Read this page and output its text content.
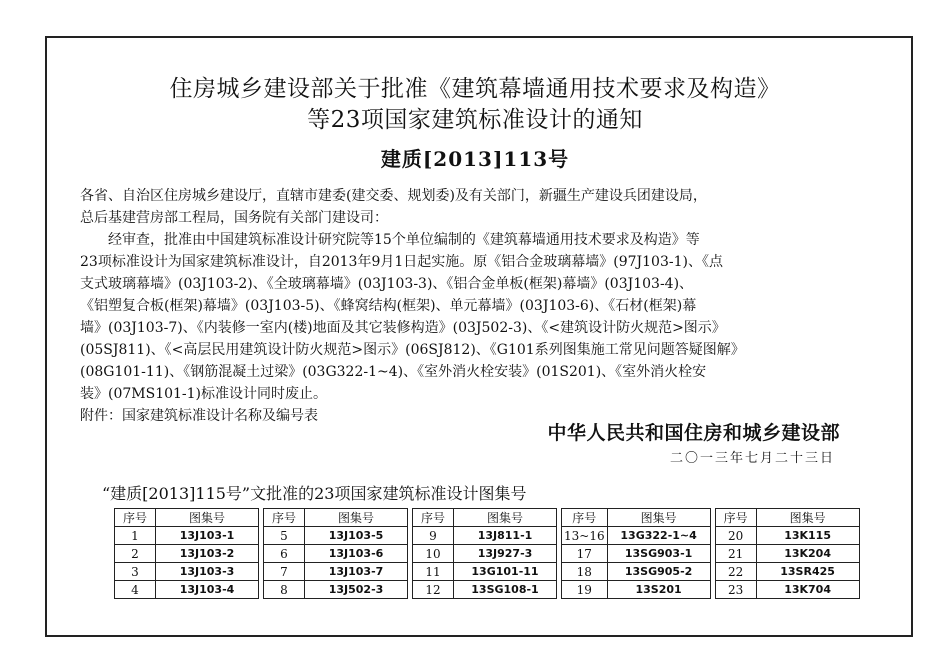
住房城乡建设部关于批准《建筑幕墙通用技术要求及构造》
等23项国家建筑标准设计的通知
建质[2013]113号

各省、自治区住房城乡建设厅，直辖市建委(建交委、规划委)及有关部门，新疆生产建设兵团建设局，

总后基建营房部工程局，国务院有关部门建设司：

经审查，批准由中国建筑标准设计研究院等15个单位编制的《建筑幕墙通用技术要求及构造》等

23项标准设计为国家建筑标准设计，自2013年9月1日起实施。原《铝合金玻璃幕墙》(97J103-1)、《点

支式玻璃幕墙》(03J103-2)、《全玻璃幕墙》(03J103-3)、《铝合金单板(框架)幕墙》(03J103-4)、

《铝塑复合板(框架)幕墙》(03J103-5)、《蜂窝结构(框架)、单元幕墙》(03J103-6)、《石材(框架)幕

墙》(03J103-7)、《内装修一室内(楼)地面及其它装修构造》(03J502-3)、《<建筑设计防火规范>图示》

(05SJ811)、《<高层民用建筑设计防火规范>图示》(06SJ812)、《G101系列图集施工常见问题答疑图解》

(08G101-11)、《钢筋混凝土过梁》(03G322-1~4)、《室外消火栓安装》(01S201)、《室外消火栓安

装》(07MS101-1)标准设计同时废止。

附件：国家建筑标准设计名称及编号表

中华人民共和国住房和城乡建设部
二〇一三年七月二十三日
“建质[2013]115号”文批准的23项国家建筑标准设计图集号
序号	图集号
1	13J103-1
2	13J103-2
3	13J103-3
4	13J103-4
序号	图集号
5	13J103-5
6	13J103-6
7	13J103-7
8	13J502-3
序号	图集号
9	13J811-1
10	13J927-3
11	13G101-11
12	13SG108-1
序号	图集号
13~16	13G322-1~4
17	13SG903-1
18	13SG905-2
19	13S201
序号	图集号
20	13K115
21	13K204
22	13SR425
23	13K704
